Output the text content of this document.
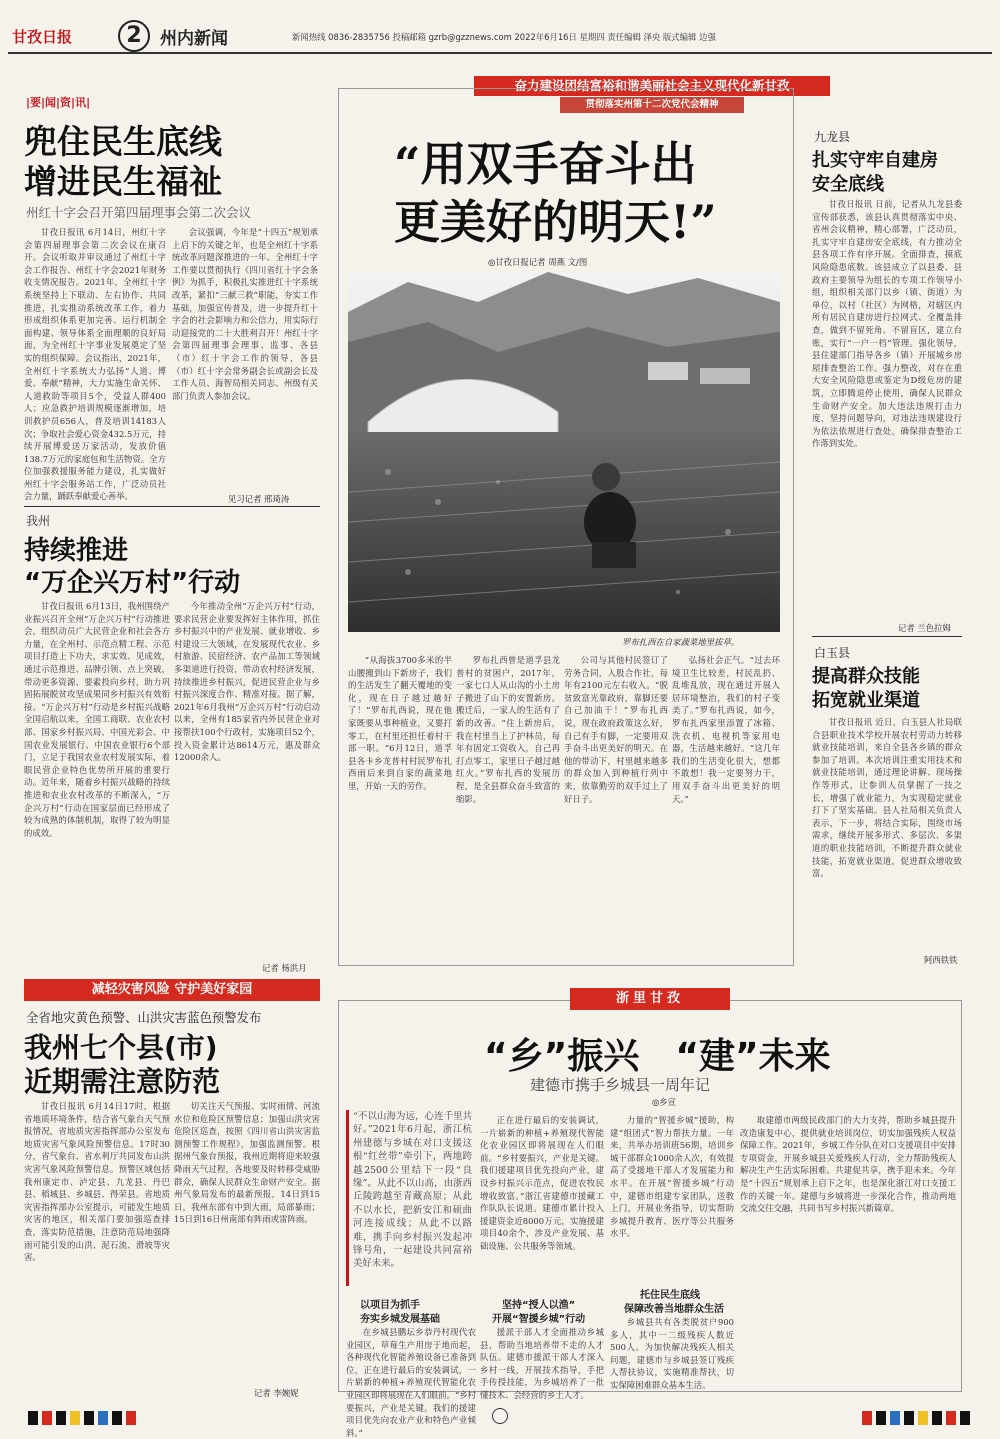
甘孜日报	2	州内新闻	新闻热线 0836-2835756 投稿邮箱 gzrb@gzznews.com 2022年6月16日 星期四 责任编辑 泽央 版式编辑 边强
|要|闻|资|讯|
兜住民生底线
增进民生福祉
州红十字会召开第四届理事会第二次会议

甘孜日报讯 6月14日，州红十字会第四届理事会第二次会议在康召开。会议听取并审议通过了州红十字会工作报告、州红十字会2021年财务收支情况报告。2021年，全州红十字系统坚持上下联动、左右协作、共同推进，扎实推动系统改革工作，着力形成组织体系更加完善、运行机制全面构建、领导体系全面理顺的良好局面，为全州红十字事业发展奠定了坚实的组织保障。会议指出，2021年，全州红十字系统大力弘扬“人道、博爱、奉献”精神，大力实施生命关怀、人道救助等项目5个，受益人群400人；应急救护培训规模逐渐增加，培训救护员656人，普及培训14183人次；争取社会爱心资金432.5万元，持续开展博爱送万家活动，发放价值138.7万元的家庭包和生活物资。全方位加强救援服务能力建设，扎实做好州红十字会服务站工作，广泛动员社会力量，踊跃奉献爱心善举。

会议强调，今年是“十四五”规划承上启下的关键之年，也是全州红十字系统改革问题深推进的一年。全州红十字工作要以贯彻执行《四川省红十字会条例》为抓手，积极扎实推进红十字系统改革，紧扣“三献三救”职能，夯实工作基础，加强宣传普及，进一步提升红十字会的社会影响力和公信力，用实际行动迎接党的二十大胜利召开！州红十字会第四届理事会理事、监事、各县（市）红十字会工作的领导，各县（市）红十字会常务副会长或副会长及工作人员、海智局相关同志、州级有关部门负责人参加会议。

见习记者 邢琦涛
我州
持续推进
“万企兴万村”行动

甘孜日报讯 6月13日，我州围绕产业振兴召开全州“万企兴万村”行动推进会，组织动员广大民营企业和社会各方力量，在全州村、示范点精工程、示范项目打造上下功夫，求实效、见成效，通过示范推进、品牌引领、点上突破，带动更多资源、要素投向乡村，助力巩固拓展脱贫攻坚成果同乡村振兴有效衔接。“万企兴万村”行动是乡村振兴战略全国启航以来，全国工商联、农业农村部、国家乡村振兴局、中国光彩会、中国农业发展银行、中国农业银行6个部门，立足于我国农业农村发展实际，着眼民营企业特色优势所开展的重要行动。近年来，随着乡村振兴战略的持续推进和农业农村改革的不断深入，“万企兴万村”行动在国家层面已经形成了较为成熟的体制机制，取得了较为明显的成效。

今年推动全州“万企兴万村”行动，要求民营企业要发挥好主体作用，抓住乡村振兴中的产业发展、就业增收、乡村建设三大领域，在发展现代农业、乡村旅游、民宿经济、农产品加工等领域多渠道进行投资，带动农村经济发展，持续推进乡村振兴，促进民营企业与乡村振兴深度合作、精准对接。据了解，2021年6月我州“万企兴万村”行动启动以来，全州有185家省内外民营企业对接帮扶100个行政村，实施项目52个，投入资金累计达8614万元，惠及群众12000余人。

记者 杨洪月
减轻灾害风险 守护美好家园
全省地灾黄色预警、山洪灾害蓝色预警发布
我州七个县(市)
近期需注意防范

甘孜日报讯 6月14日17时，根据省地质环境条件，结合省气象台天气预报情况，省地质灾害指挥部办公室发布地质灾害气象风险预警信息。17时30分，省气象台、省水利厅共同发布山洪灾害气象风险预警信息。预警区域包括我州康定市、泸定县、九龙县、丹巴县、稻城县、乡城县、得荣县。省地质灾害指挥部办公室提示，可能发生地质灾害的地区，相关部门要加强巡查排查，落实防范措施，注意防范局地强降雨可能引发的山洪、泥石流、滑坡等灾害。

切关注天气预报、实时雨情、河流水位和危险区预警信息；加强山洪灾害危险区巡查，按照《四川省山洪灾害监测预警工作规程》，加强监测预警。根据州气象台预报，我州近期将迎来较强降雨天气过程，各地要及时转移受威胁群众，确保人民群众生命财产安全。据州气象局发布的最新预报，14日到15日，我州东部有中到大雨，局部暴雨；15日到16日州南部有阵雨或雷阵雨。

记者 李婉妮
奋力建设团结富裕和谐美丽社会主义现代化新甘孜
贯彻落实州第十二次党代会精神
“用双手奋斗出
更美好的明天!”
◎甘孜日报记者 周燕 文/图
罗布扎西在自家蔬菜地里拔草。

“从海拔3700多米的半山腰搬到山下新房子，我们的生活发生了翻天覆地的变化，现在日子越过越好了！”罗布扎西说，现在他家既要从事种植业，又要打零工，在村里还担任着村干部一职。“6月12日，道孚县各卡乡龙普村村民罗布扎西雨后来到自家的蔬菜地里，开始一天的劳作。

罗布扎西曾是道孚县龙普村的贫困户，2017年，一家七口人从山沟的小土房子搬进了山下的安置新房。搬迁后，一家人的生活有了新的改善。“住上新房后，我在村里当上了护林员，每年有固定工资收入，自己再打点零工，家里日子越过越红火。”罗布扎西的发展历程，是全县群众奋斗致富的缩影。

公司与其他村民签订了劳务合同，入股合作社，每年有2100元左右收入。“脱贫致富光靠政府，靠脚还要自己加油干！”罗布扎西说，现在政府政策这么好，自己有手有脚，一定要用双手奋斗出更美好的明天。在他的带动下，村里越来越多的群众加入到种植行列中来，依靠勤劳的双手过上了好日子。

弘扬社会正气。“过去环境卫生比较差，村民乱扔、乱堆乱放，现在通过开展人居环境整治，我们的村子变美了。”罗布扎西说，如今，罗布扎西家里添置了冰箱、洗衣机、电视机等家用电器，生活越来越好。“这几年我们的生活变化很大，想都不敢想！我一定要努力干，用双手奋斗出更美好的明天。”

九龙县
扎实守牢自建房
安全底线

甘孜日报讯 日前，记者从九龙县委宣传部获悉，该县认真贯彻落实中央、省州会议精神，精心部署，广泛动员，扎实守牢自建房安全底线，有力推动全县各项工作有序开展。全面排查，摸底风险隐患底数。该县成立了以县委、县政府主要领导为组长的专项工作领导小组，组织相关部门以乡（镇、街道）为单位，以村（社区）为网格，对辖区内所有居民自建房进行拉网式、全覆盖排查，做到不留死角、不留盲区，建立台账，实行“一户一档”管理。强化领导，县住建部门指导各乡（镇）开展城乡房屋排查整治工作。强力整改，对存在重大安全风险隐患或鉴定为D级危房的建筑，立即腾退停止使用，确保人民群众生命财产安全。加大违法违规打击力度，坚持问题导向，对违法违规建设行为依法依规进行查处，确保排查整治工作落到实处。

记者 兰色拉姆
白玉县
提高群众技能
拓宽就业渠道

甘孜日报讯 近日，白玉县人社局联合县职业技术学校开展农村劳动力转移就业技能培训，来自全县各乡镇的群众参加了培训。本次培训注重实用技术和就业技能培训，通过理论讲解、现场操作等形式，让参训人员掌握了一技之长，增强了就业能力，为实现稳定就业打下了坚实基础。县人社局相关负责人表示，下一步，将结合实际，围绕市场需求，继续开展多形式、多层次、多渠道的职业技能培训，不断提升群众就业技能，拓宽就业渠道，促进群众增收致富。

阿西铁铁
浙里甘孜
“乡”振兴　“建”未来
建德市携手乡城县一周年记
◎乡宣
“不以山海为远，心连千里共好。”2021年6月起，浙江杭州建德与乡城在对口支援这根“红丝带”牵引下，两地跨越2500公里结下一段“良缘”。从此不以山高，由浙西丘陵跨越至青藏高原；从此不以水长，把新安江和硕曲河连接成线；从此不以路难，携手向乡村振兴发起冲锋号角，一起建设共同富裕美好未来。
以项目为抓手
夯实乡城发展基础

在乡城县鹏坛乡恭丹村现代农业园区，草莓生产用房于地而起，各种现代化智能养殖设备已准备到位，正在进行最后的安装调试，一片崭新的种植+养殖现代智能化农业园区即将展现在人们眼前。“乡村要振兴，产业是关键。我们的援建项目优先向农业产业和特色产业倾斜。”

正在进行最后的安装调试，一片崭新的种植+养殖现代智能化农业园区即将展现在人们眼前。“乡村要振兴，产业是关键。我们援建项目优先投向产业，建设乡村振兴示范点，促进农牧民增收致富。”浙江省建德市援藏工作队队长说道。建德市累计投入援建资金近8000万元，实施援建项目40余个，涉及产业发展、基础设施、公共服务等领域。

坚持“授人以渔”
开展“智援乡城”行动

援派干部人才全面推动乡城县，帮助当地培养带不走的人才队伍。建德市援派干部人才深入乡村一线，开展技术指导，手把手传授技能，为乡城培养了一批懂技术、会经营的乡土人才。

力量的“智援乡城”援助，构建“组团式”智力帮扶力量。一年来，共举办培训班56期，培训乡城干部群众1000余人次，有效提高了受援地干部人才发展能力和水平。在开展“智援乡城”行动中，建德市组建专家团队，送教上门，开展业务指导，切实帮助乡城提升教育、医疗等公共服务水平。

托住民生底线
保障改善当地群众生活

乡城县共有各类脱贫户900多人，其中一二级残疾人数近500人。为加快解决残疾人相关问题，建德市与乡城县签订残疾人帮扶协议，实施精准帮扶，切实保障困难群众基本生活。

取建德市两级民政部门的大力支持，帮助乡城县提升改造康复中心，提供就业培训岗位，切实加强残疾人权益保障工作。2021年，乡城工作分队在对口支援项目中安排专项资金，开展乡城县关爱残疾人行动，全力帮助残疾人解决生产生活实际困难。共建促共享，携手迎未来。今年是“十四五”规划承上启下之年，也是深化浙江对口支援工作的关键一年。建德与乡城将进一步深化合作，推动两地交流交往交融，共同书写乡村振兴新篇章。
